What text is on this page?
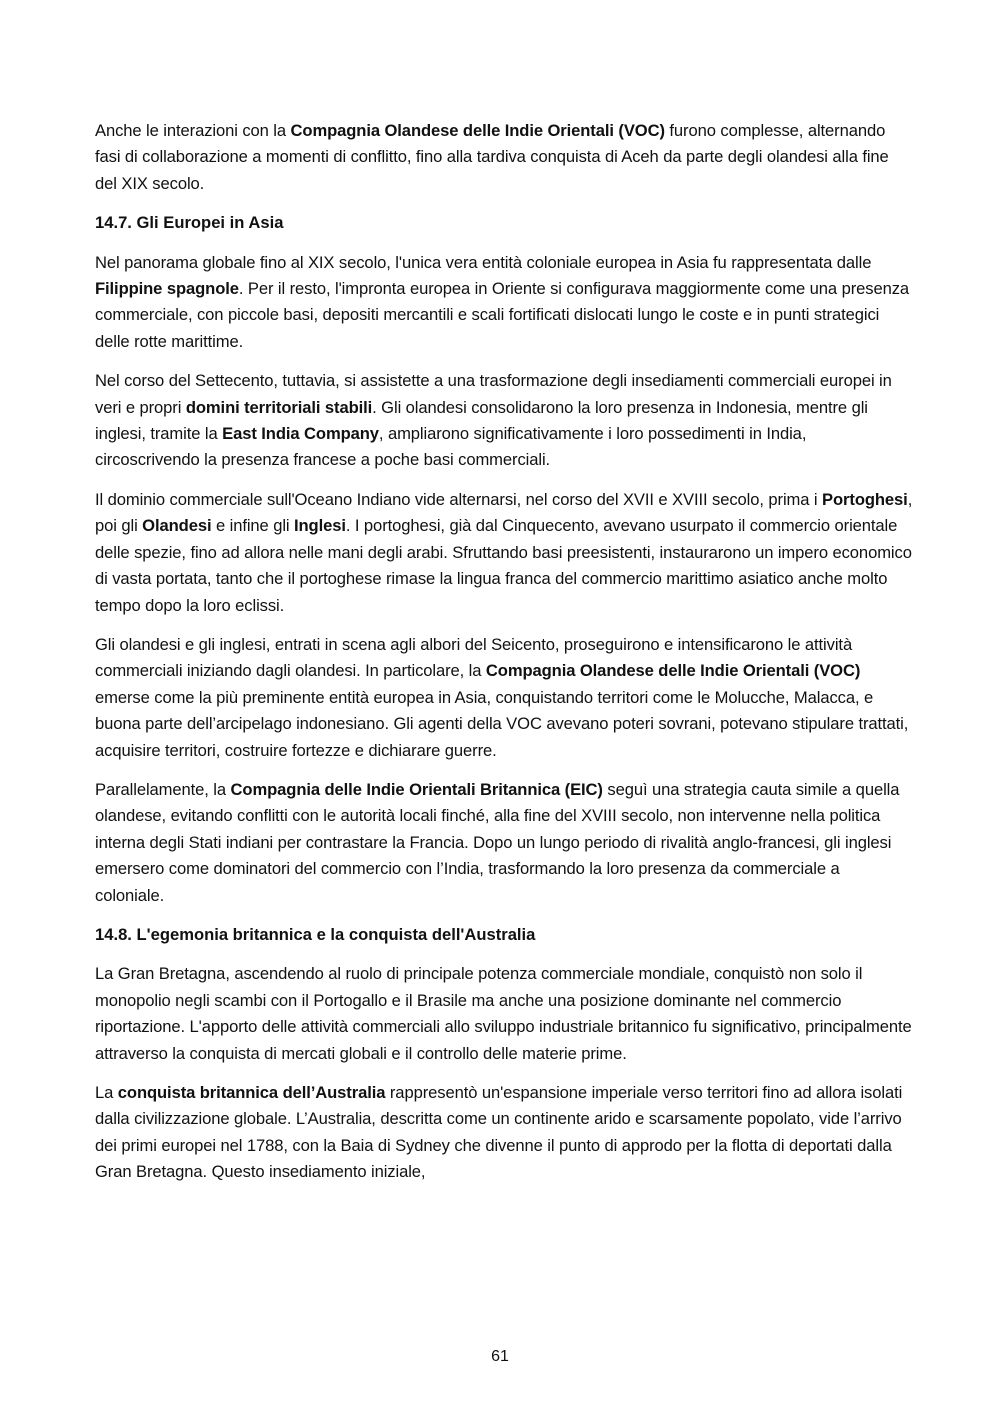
Anche le interazioni con la Compagnia Olandese delle Indie Orientali (VOC) furono complesse, alternando fasi di collaborazione a momenti di conflitto, fino alla tardiva conquista di Aceh da parte degli olandesi alla fine del XIX secolo.

14.7. Gli Europei in Asia

Nel panorama globale fino al XIX secolo, l'unica vera entità coloniale europea in Asia fu rappresentata dalle Filippine spagnole. Per il resto, l'impronta europea in Oriente si configurava maggiormente come una presenza commerciale, con piccole basi, depositi mercantili e scali fortificati dislocati lungo le coste e in punti strategici delle rotte marittime.

Nel corso del Settecento, tuttavia, si assistette a una trasformazione degli insediamenti commerciali europei in veri e propri domini territoriali stabili. Gli olandesi consolidarono la loro presenza in Indonesia, mentre gli inglesi, tramite la East India Company, ampliarono significativamente i loro possedimenti in India, circoscrivendo la presenza francese a poche basi commerciali.

Il dominio commerciale sull'Oceano Indiano vide alternarsi, nel corso del XVII e XVIII secolo, prima i Portoghesi, poi gli Olandesi e infine gli Inglesi. I portoghesi, già dal Cinquecento, avevano usurpato il commercio orientale delle spezie, fino ad allora nelle mani degli arabi. Sfruttando basi preesistenti, instaurarono un impero economico di vasta portata, tanto che il portoghese rimase la lingua franca del commercio marittimo asiatico anche molto tempo dopo la loro eclissi.

Gli olandesi e gli inglesi, entrati in scena agli albori del Seicento, proseguirono e intensificarono le attività commerciali iniziando dagli olandesi. In particolare, la Compagnia Olandese delle Indie Orientali (VOC) emerse come la più preminente entità europea in Asia, conquistando territori come le Molucche, Malacca, e buona parte dell’arcipelago indonesiano. Gli agenti della VOC avevano poteri sovrani, potevano stipulare trattati, acquisire territori, costruire fortezze e dichiarare guerre.

Parallelamente, la Compagnia delle Indie Orientali Britannica (EIC) seguì una strategia cauta simile a quella olandese, evitando conflitti con le autorità locali finché, alla fine del XVIII secolo, non intervenne nella politica interna degli Stati indiani per contrastare la Francia. Dopo un lungo periodo di rivalità anglo-francesi, gli inglesi emersero come dominatori del commercio con l’India, trasformando la loro presenza da commerciale a coloniale.

14.8. L'egemonia britannica e la conquista dell'Australia

La Gran Bretagna, ascendendo al ruolo di principale potenza commerciale mondiale, conquistò non solo il monopolio negli scambi con il Portogallo e il Brasile ma anche una posizione dominante nel commercio riportazione. L'apporto delle attività commerciali allo sviluppo industriale britannico fu significativo, principalmente attraverso la conquista di mercati globali e il controllo delle materie prime.

La conquista britannica dell’Australia rappresentò un'espansione imperiale verso territori fino ad allora isolati dalla civilizzazione globale. L’Australia, descritta come un continente arido e scarsamente popolato, vide l’arrivo dei primi europei nel 1788, con la Baia di Sydney che divenne il punto di approdo per la flotta di deportati dalla Gran Bretagna. Questo insediamento iniziale,

61
